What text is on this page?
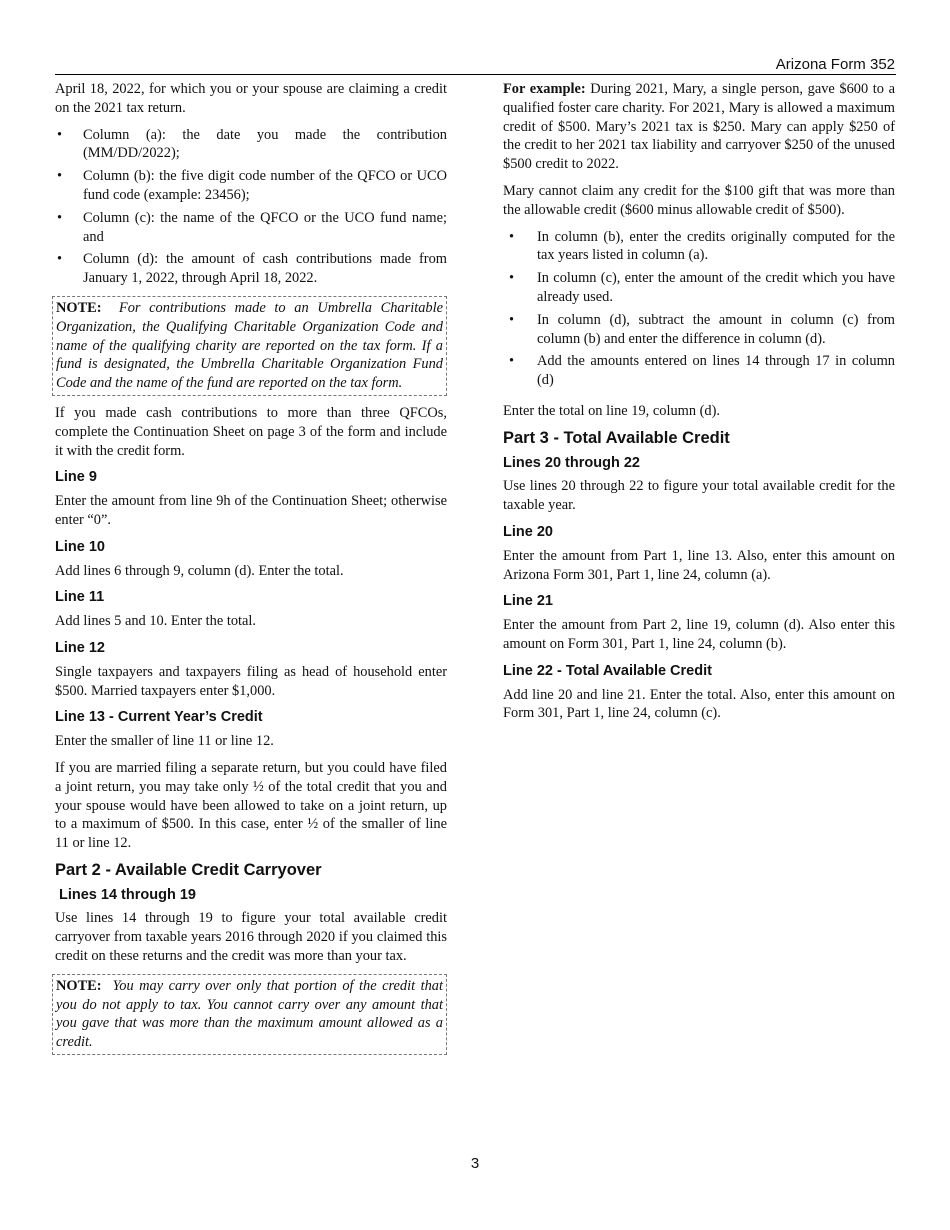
Arizona Form 352

April 18, 2022, for which you or your spouse are claiming a credit on the 2021 tax return.

• Column (a): the date you made the contribution (MM/DD/2022);
• Column (b): the five digit code number of the QFCO or UCO fund code (example: 23456);
• Column (c): the name of the QFCO or the UCO fund name; and
• Column (d): the amount of cash contributions made from January 1, 2022, through April 18, 2022.
NOTE: For contributions made to an Umbrella Charitable Organization, the Qualifying Charitable Organization Code and name of the qualifying charity are reported on the tax form. If a fund is designated, the Umbrella Charitable Organization Fund Code and the name of the fund are reported on the tax form.

If you made cash contributions to more than three QFCOs, complete the Continuation Sheet on page 3 of the form and include it with the credit form.

Line 9

Enter the amount from line 9h of the Continuation Sheet; otherwise enter “0”.

Line 10

Add lines 6 through 9, column (d). Enter the total.

Line 11

Add lines 5 and 10. Enter the total.

Line 12

Single taxpayers and taxpayers filing as head of household enter $500. Married taxpayers enter $1,000.

Line 13 - Current Year’s Credit

Enter the smaller of line 11 or line 12.

If you are married filing a separate return, but you could have filed a joint return, you may take only ½ of the total credit that you and your spouse would have been allowed to take on a joint return, up to a maximum of $500. In this case, enter ½ of the smaller of line 11 or line 12.

Part 2 - Available Credit Carryover
Lines 14 through 19

Use lines 14 through 19 to figure your total available credit carryover from taxable years 2016 through 2020 if you claimed this credit on these returns and the credit was more than your tax.

NOTE: You may carry over only that portion of the credit that you do not apply to tax. You cannot carry over any amount that you gave that was more than the maximum amount allowed as a credit.

For example: During 2021, Mary, a single person, gave $600 to a qualified foster care charity. For 2021, Mary is allowed a maximum credit of $500. Mary’s 2021 tax is $250. Mary can apply $250 of the credit to her 2021 tax liability and carryover $250 of the unused $500 credit to 2022.

Mary cannot claim any credit for the $100 gift that was more than the allowable credit ($600 minus allowable credit of $500).

• In column (b), enter the credits originally computed for the tax years listed in column (a).
• In column (c), enter the amount of the credit which you have already used.
• In column (d), subtract the amount in column (c) from column (b) and enter the difference in column (d).
• Add the amounts entered on lines 14 through 17 in column (d)

Enter the total on line 19, column (d).

Part 3 - Total Available Credit
Lines 20 through 22

Use lines 20 through 22 to figure your total available credit for the taxable year.

Line 20

Enter the amount from Part 1, line 13. Also, enter this amount on Arizona Form 301, Part 1, line 24, column (a).

Line 21

Enter the amount from Part 2, line 19, column (d). Also enter this amount on Form 301, Part 1, line 24, column (b).

Line 22 - Total Available Credit

Add line 20 and line 21. Enter the total. Also, enter this amount on Form 301, Part 1, line 24, column (c).

3
